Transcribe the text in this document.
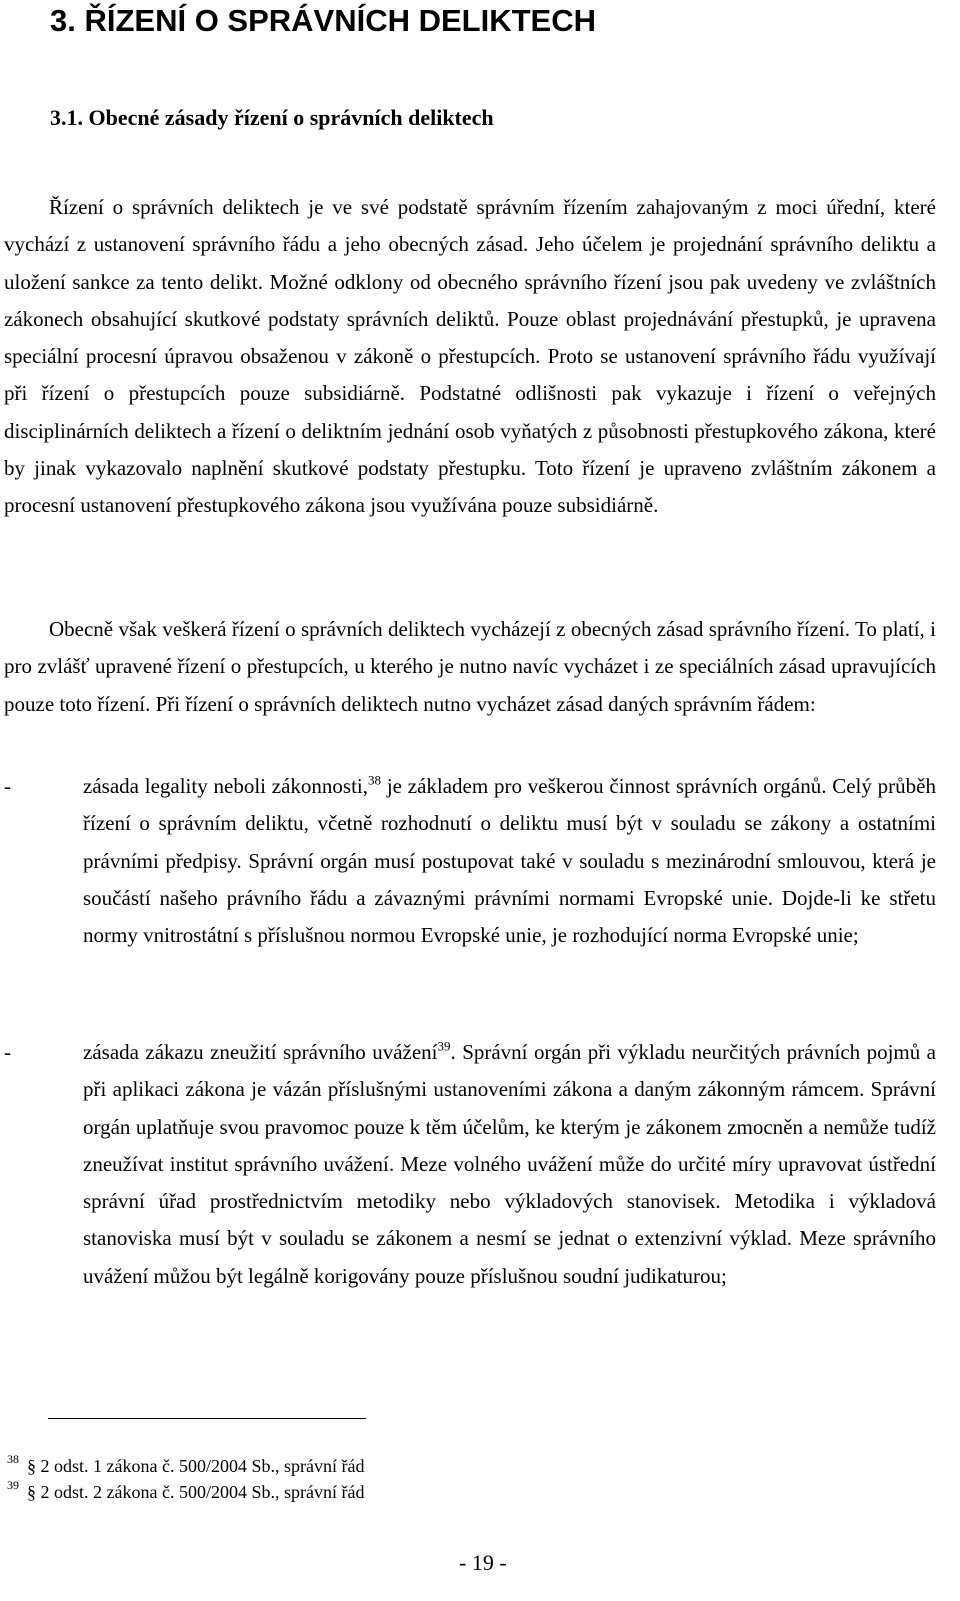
3. ŘÍZENÍ O SPRÁVNÍCH DELIKTECH
3.1. Obecné zásady řízení o správních deliktech

Řízení o správních deliktech je ve své podstatě správním řízením zahajovaným z moci úřední, které vychází z ustanovení správního řádu a jeho obecných zásad. Jeho účelem je projednání správního deliktu a uložení sankce za tento delikt. Možné odklony od obecného správního řízení jsou pak uvedeny ve zvláštních zákonech obsahující skutkové podstaty správních deliktů. Pouze oblast projednávání přestupků, je upravena speciální procesní úpravou obsaženou v zákoně o přestupcích. Proto se ustanovení správního řádu využívají při řízení o přestupcích pouze subsidiárně. Podstatné odlišnosti pak vykazuje i řízení o veřejných disciplinárních deliktech a řízení o deliktním jednání osob vyňatých z působnosti přestupkového zákona, které by jinak vykazovalo naplnění skutkové podstaty přestupku. Toto řízení je upraveno zvláštním zákonem a procesní ustanovení přestupkového zákona jsou využívána pouze subsidiárně.

Obecně však veškerá řízení o správních deliktech vycházejí z obecných zásad správního řízení. To platí, i pro zvlášť upravené řízení o přestupcích, u kterého je nutno navíc vycházet i ze speciálních zásad upravujících pouze toto řízení. Při řízení o správních deliktech nutno vycházet zásad daných správním řádem:

-	zásada legality neboli zákonnosti,$^{38}$ je základem pro veškerou činnost správních orgánů. Celý průběh řízení o správním deliktu, včetně rozhodnutí o deliktu musí být v souladu se zákony a ostatními právními předpisy. Správní orgán musí postupovat také v souladu s mezinárodní smlouvou, která je součástí našeho právního řádu a závaznými právními normami Evropské unie. Dojde-li ke střetu normy vnitrostátní s příslušnou normou Evropské unie, je rozhodující norma Evropské unie;

-	zásada zákazu zneužití správního uvážení$^{39}$. Správní orgán při výkladu neurčitých právních pojmů a při aplikaci zákona je vázán příslušnými ustanoveními zákona a daným zákonným rámcem. Správní orgán uplatňuje svou pravomoc pouze k těm účelům, ke kterým je zákonem zmocněn a nemůže tudíž zneužívat institut správního uvážení. Meze volného uvážení může do určité míry upravovat ústřední správní úřad prostřednictvím metodiky nebo výkladových stanovisek. Metodika i výkladová stanoviska musí být v souladu se zákonem a nesmí se jednat o extenzivní výklad. Meze správního uvážení můžou být legálně korigovány pouze příslušnou soudní judikaturou;

$^{38}$ § 2 odst. 1 zákona č. 500/2004 Sb., správní řád
$^{39}$ § 2 odst. 2 zákona č. 500/2004 Sb., správní řád
- 19 -
